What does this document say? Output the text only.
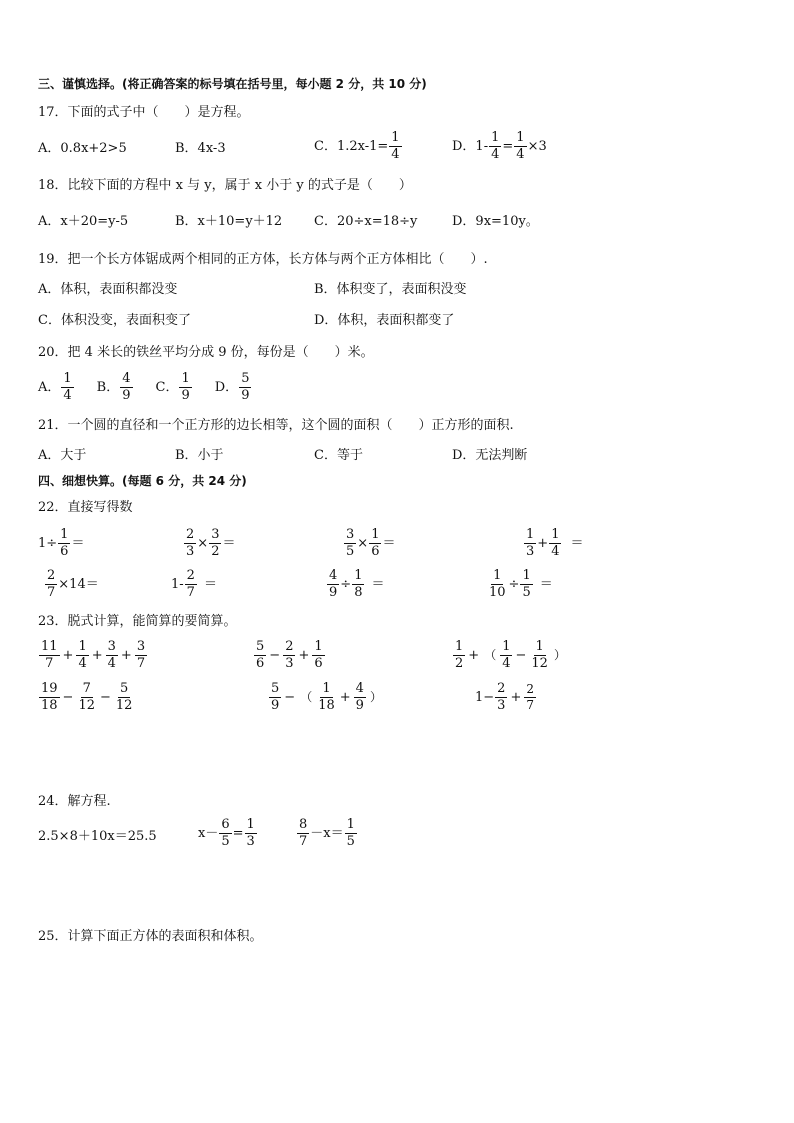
三、谨慎选择。(将正确答案的标号填在括号里，每小题 2 分，共 10 分)
17．下面的式子中（　　）是方程。
A．0.8x+2>5	B．4x-3	C．$1.2x-1= \frac{1}{4}$	D．$1- \frac{1}{4} = \frac{1}{4} \times 3$
18．比较下面的方程中 x 与 y，属于 x 小于 y 的式子是（　　）
A．x＋20=y-5	B．x＋10=y＋12 C．20÷x=18÷y	D．9x=10y。
19．把一个长方体锯成两个相同的正方体，长方体与两个正方体相比（　　）.
A．体积，表面积都没变	B．体积变了，表面积没变
C．体积没变，表面积变了	D．体积，表面积都变了
20．把 4 米长的铁丝平均分成 9 份，每份是（　　）米。
A． $\frac{1}{4}$ B． $\frac{4}{9}$ C． $\frac{1}{9}$ D． $\frac{5}{9}$
21．一个圆的直径和一个正方形的边长相等，这个圆的面积（　　）正方形的面积.
A．大于	B．小于	C．等于	D．无法判断
四、细想快算。(每题 6 分，共 24 分)
22．直接写得数
$1\div \frac{1}{6}$ ＝	$\frac{2}{3} \times \frac{3}{2}$ ＝	$\frac{3}{5} \times \frac{1}{6}$ ＝	$\frac{1}{3} + \frac{1}{4}$ ＝
$\frac{2}{7} \times 14=$	$1- \frac{2}{7}$ ＝	$\frac{4}{9} \div \frac{1}{8}$ ＝	$\frac{1}{10} \div \frac{1}{5}$ ＝
23．脱式计算，能简算的要简算。
$\frac{11}{7} + \frac{1}{4} + \frac{3}{4} + \frac{3}{7}$	$\frac{5}{6} - \frac{2}{3} + \frac{1}{6}$	$\frac{1}{2}$ + （ $\frac{1}{4} - \frac{1}{12}$ ）
$\frac{19}{18} - \frac{7}{12} - \frac{5}{12}$	$\frac{5}{9}$ − （ $\frac{1}{18} + \frac{4}{9}$ ）	$1- \frac{2}{3} + \frac{2}{7}$
24．解方程.
2.5×8＋10x＝25.5	$x- \frac{6}{5} = \frac{1}{3}$	$\frac{8}{7} -x= \frac{1}{5}$
25．计算下面正方体的表面积和体积。
